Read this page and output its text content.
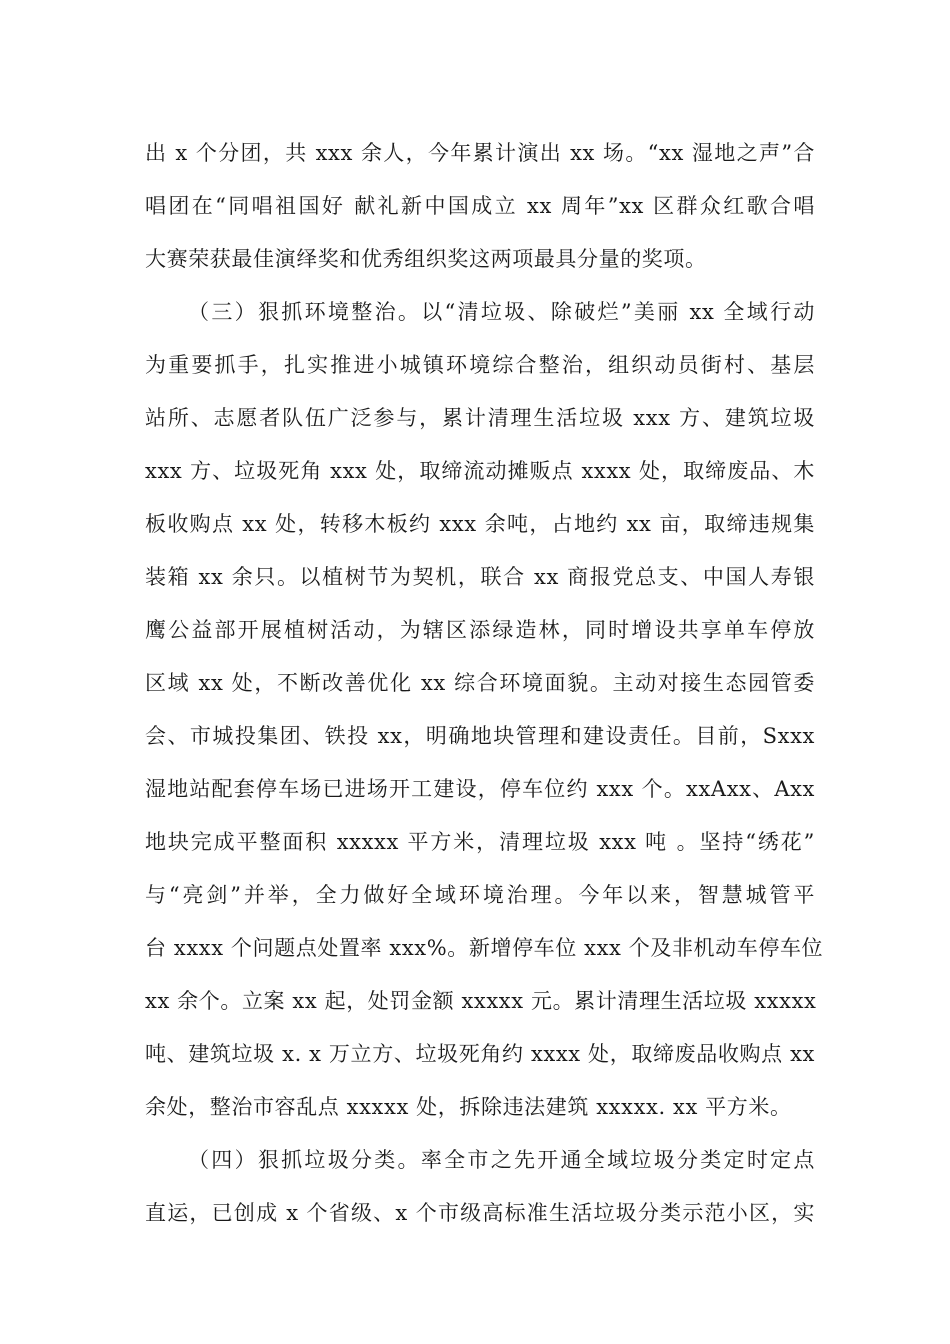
出 x 个分团，共 xxx 余人，今年累计演出 xx 场。“xx 湿地之声”合
唱团在“同唱祖国好 献礼新中国成立 xx 周年”xx 区群众红歌合唱
大赛荣获最佳演绎奖和优秀组织奖这两项最具分量的奖项。
（三）狠抓环境整治。以“清垃圾、除破烂”美丽 xx 全域行动
为重要抓手，扎实推进小城镇环境综合整治，组织动员街村、基层
站所、志愿者队伍广泛参与，累计清理生活垃圾 xxx 方、建筑垃圾
xxx 方、垃圾死角 xxx 处，取缔流动摊贩点 xxxx 处，取缔废品、木
板收购点 xx 处，转移木板约 xxx 余吨，占地约 xx 亩，取缔违规集
装箱 xx 余只。以植树节为契机，联合 xx 商报党总支、中国人寿银
鹰公益部开展植树活动，为辖区添绿造林，同时增设共享单车停放
区域 xx 处，不断改善优化 xx 综合环境面貌。主动对接生态园管委
会、市城投集团、铁投 xx，明确地块管理和建设责任。目前，Sxxx
湿地站配套停车场已进场开工建设，停车位约 xxx 个。xxAxx、Axx
地块完成平整面积 xxxxx 平方米，清理垃圾 xxx 吨 。坚持“绣花”
与“亮剑”并举，全力做好全域环境治理。今年以来，智慧城管平
台 xxxx 个问题点处置率 xxx%。新增停车位 xxx 个及非机动车停车位
xx 余个。立案 xx 起，处罚金额 xxxxx 元。累计清理生活垃圾 xxxxx
吨、建筑垃圾 x. x 万立方、垃圾死角约 xxxx 处，取缔废品收购点 xx
余处，整治市容乱点 xxxxx 处，拆除违法建筑 xxxxx. xx 平方米。
（四）狠抓垃圾分类。率全市之先开通全域垃圾分类定时定点
直运，已创成 x 个省级、x 个市级高标准生活垃圾分类示范小区，实
